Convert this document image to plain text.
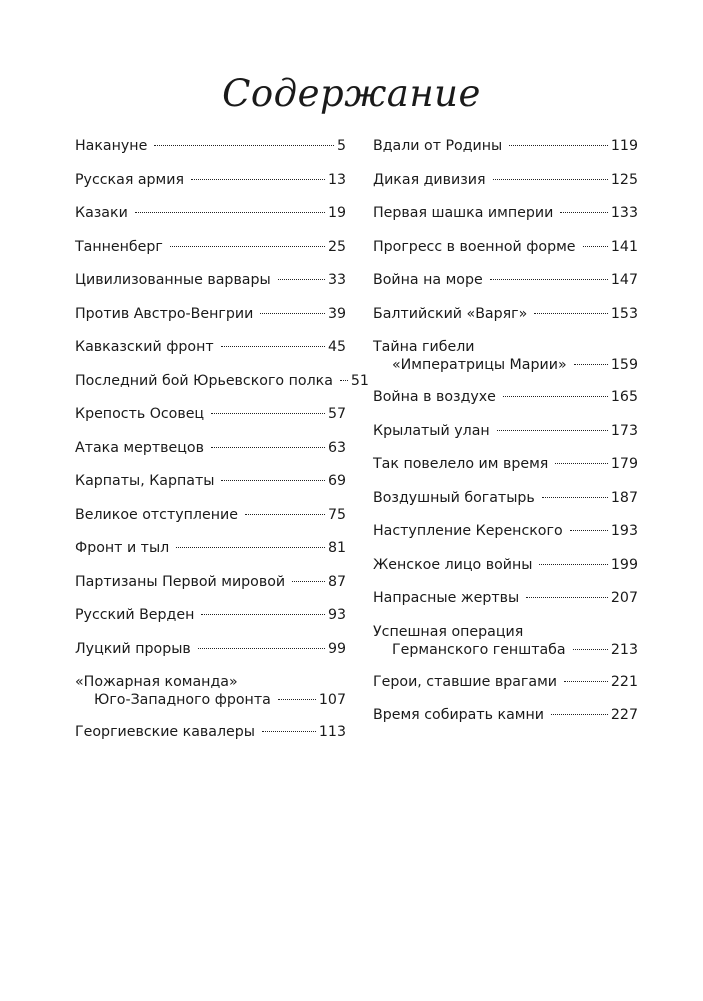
Содержание
Накануне	5
Русская армия	13
Казаки	19
Танненберг	25
Цивилизованные варвары	33
Против Австро-Венгрии	39
Кавказский фронт	45
Последний бой Юрьевского полка 51
Крепость Осовец	57
Атака мертвецов	63
Карпаты, Карпаты	69
Великое отступление	75
Фронт и тыл	81
Партизаны Первой мировой	87
Русский Верден	93
Луцкий прорыв	99
«Пожарная команда»
Юго-Западного фронта	107
Георгиевские кавалеры	113
Вдали от Родины	119
Дикая дивизия	125
Первая шашка империи	133
Прогресс в военной форме 141
Война на море	147
Балтийский «Варяг»	153
Тайна гибели
«Императрицы Марии»	159
Война в воздухе	165
Крылатый улан	173
Так повелело им время	179
Воздушный богатырь	187
Наступление Керенского	193
Женское лицо войны	199
Напрасные жертвы	207
Успешная операция
Германского генштаба	213
Герои, ставшие врагами	221
Время собирать камни	227
